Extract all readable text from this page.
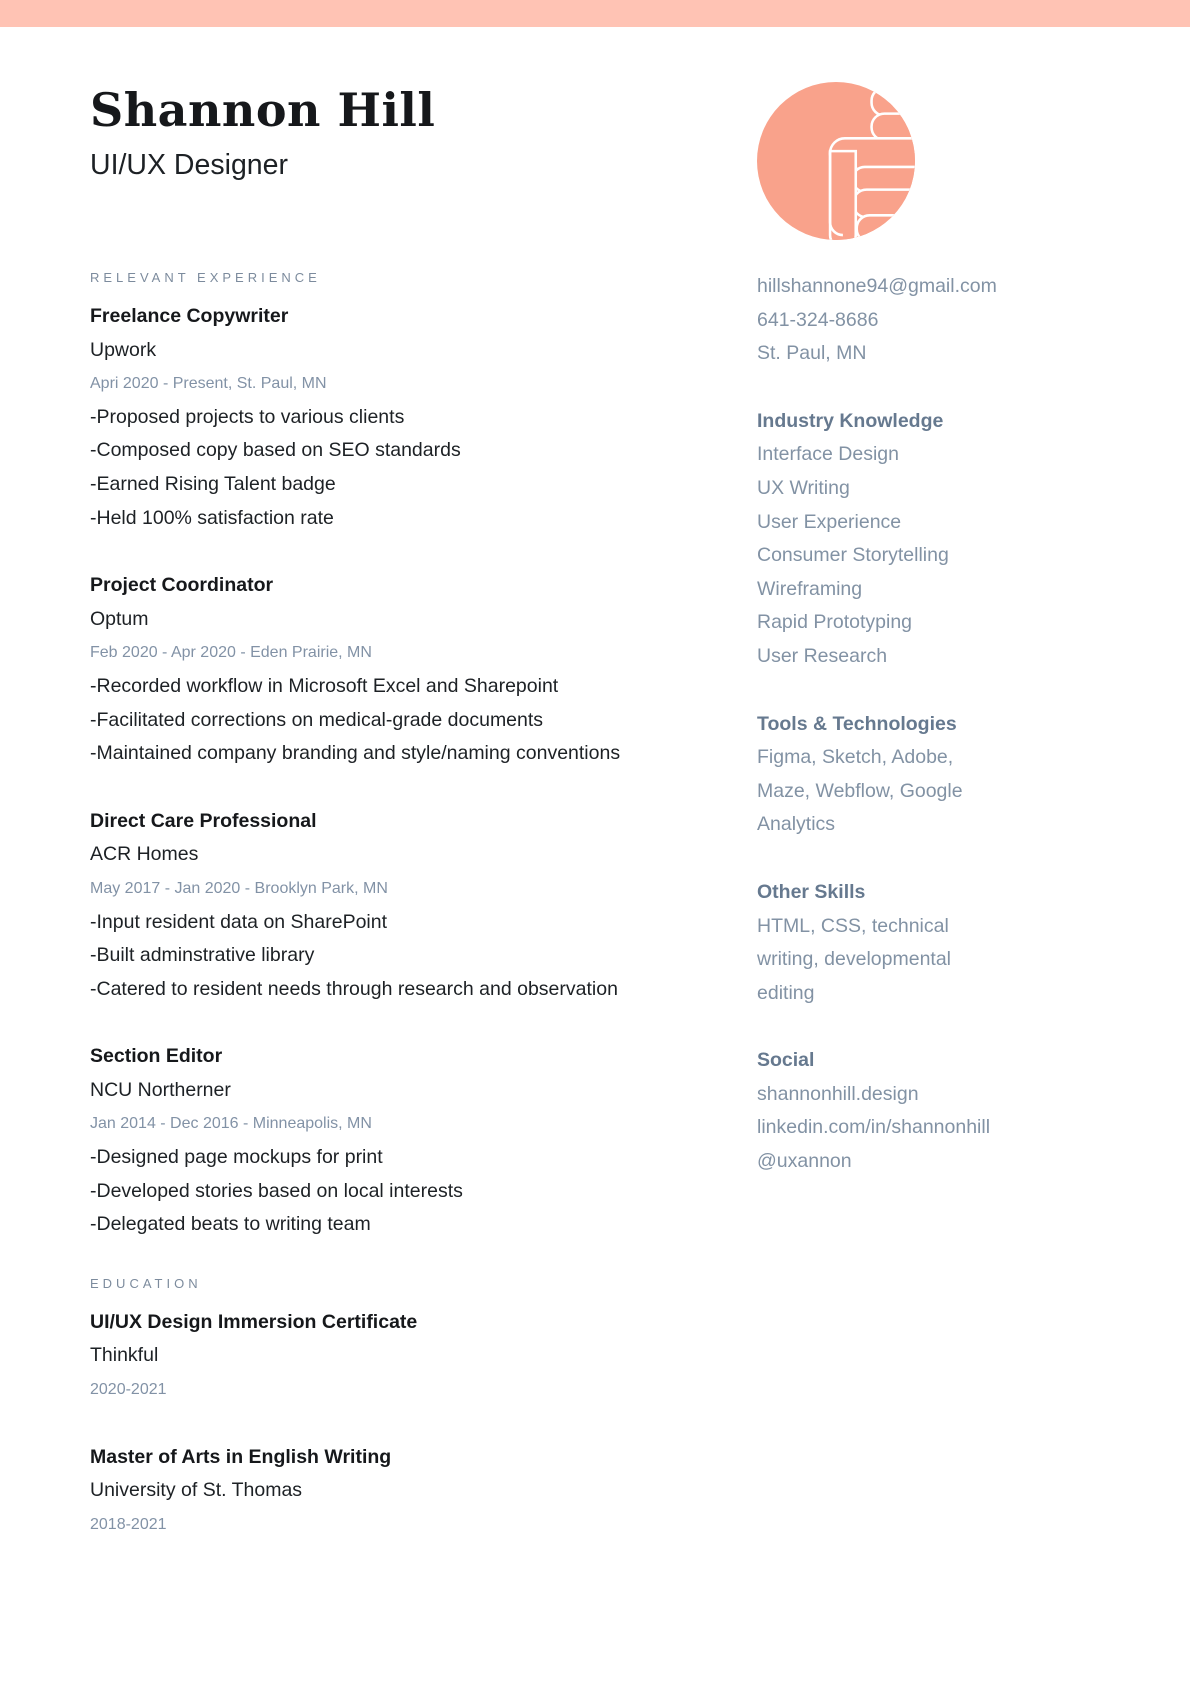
Shannon Hill
UI/UX Designer
RELEVANT EXPERIENCE
Freelance Copywriter
Upwork
Apri 2020 - Present, St. Paul, MN
-Proposed projects to various clients
-Composed copy based on SEO standards
-Earned Rising Talent badge
-Held 100% satisfaction rate
Project Coordinator
Optum
Feb 2020 - Apr 2020 - Eden Prairie, MN
-Recorded workflow in Microsoft Excel and Sharepoint
-Facilitated corrections on medical-grade documents
-Maintained company branding and style/naming conventions
Direct Care Professional
ACR Homes
May 2017 - Jan 2020 - Brooklyn Park, MN
-Input resident data on SharePoint
-Built adminstrative library
-Catered to resident needs through research and observation
Section Editor
NCU Northerner
Jan 2014 - Dec 2016 - Minneapolis, MN
-Designed page mockups for print
-Developed stories based on local interests
-Delegated beats to writing team
EDUCATION
UI/UX Design Immersion Certificate
Thinkful
2020-2021
Master of Arts in English Writing
University of St. Thomas
2018-2021
hillshannone94@gmail.com
641-324-8686
St. Paul, MN
Industry Knowledge
Interface Design
UX Writing
User Experience
Consumer Storytelling
Wireframing
Rapid Prototyping
User Research
Tools & Technologies
Figma, Sketch, Adobe, Maze, Webflow, Google Analytics
Other Skills
HTML, CSS, technical writing, developmental editing
Social
shannonhill.design
linkedin.com/in/shannonhill
@uxannon
